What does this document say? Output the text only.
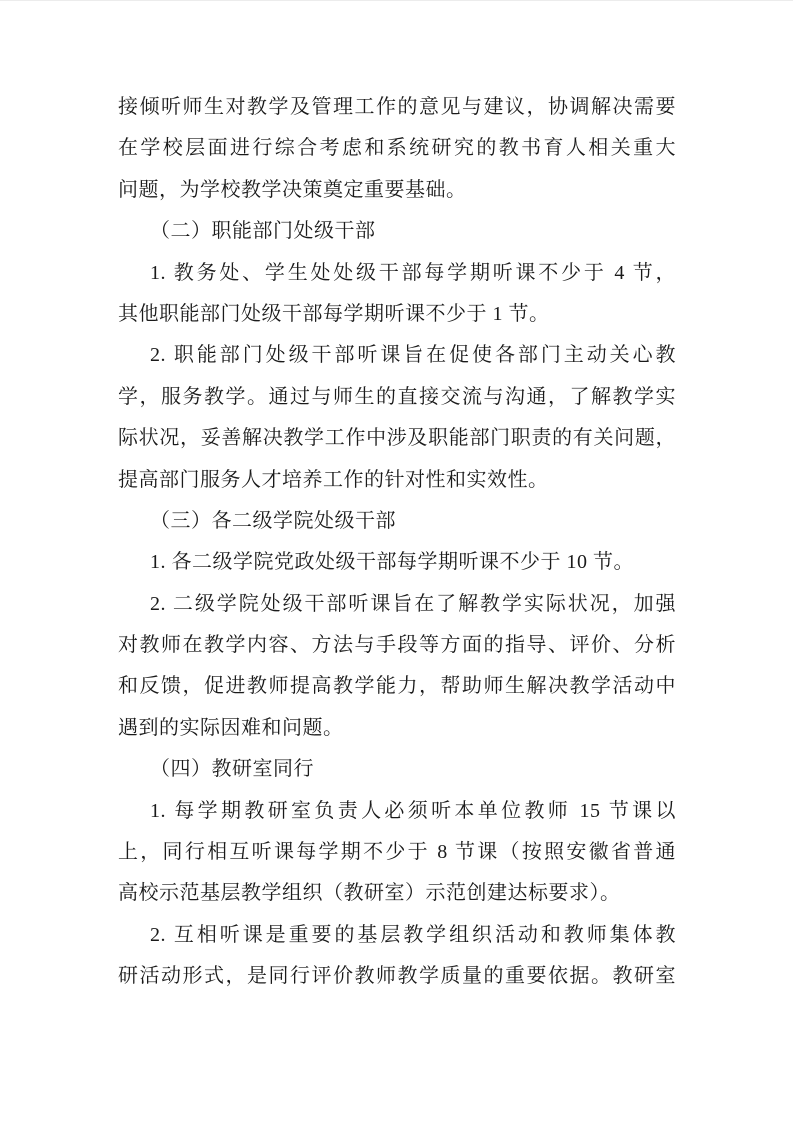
接倾听师生对教学及管理工作的意见与建议，协调解决需要
在学校层面进行综合考虑和系统研究的教书育人相关重大
问题，为学校教学决策奠定重要基础。
（二）职能部门处级干部
1. 教务处、学生处处级干部每学期听课不少于 4 节，
其他职能部门处级干部每学期听课不少于 1 节。
2. 职能部门处级干部听课旨在促使各部门主动关心教
学，服务教学。通过与师生的直接交流与沟通，了解教学实
际状况，妥善解决教学工作中涉及职能部门职责的有关问题，
提高部门服务人才培养工作的针对性和实效性。
（三）各二级学院处级干部
1. 各二级学院党政处级干部每学期听课不少于 10 节。
2. 二级学院处级干部听课旨在了解教学实际状况，加强
对教师在教学内容、方法与手段等方面的指导、评价、分析
和反馈，促进教师提高教学能力，帮助师生解决教学活动中
遇到的实际因难和问题。
（四）教研室同行
1. 每学期教研室负责人必须听本单位教师 15 节课以
上，同行相互听课每学期不少于 8 节课（按照安徽省普通
高校示范基层教学组织（教研室）示范创建达标要求）。
2. 互相听课是重要的基层教学组织活动和教师集体教
研活动形式，是同行评价教师教学质量的重要依据。教研室
